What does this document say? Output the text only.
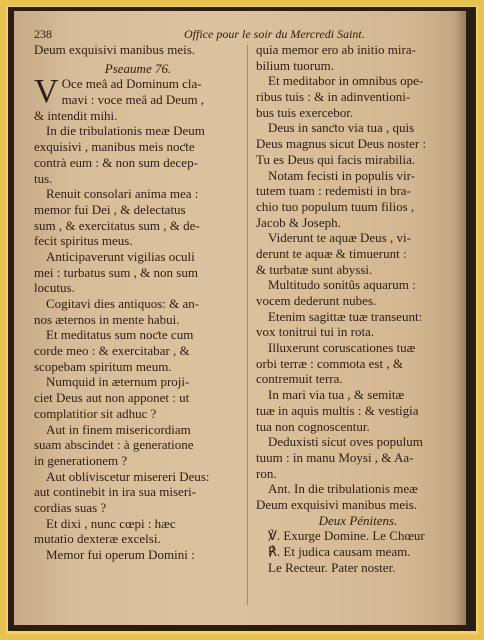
238	Office pour le soir du Mercredi Saint.
Deum exquisivi manibus meis.
Pseaume 76.
V Oce meâ ad Dominum cla-
mavi : voce meâ ad Deum ,
& intendit mihi.
In die tribulationis meæ Deum
exquisivi , manibus meis noƈte
contrà eum : & non sum decep-
tus.
Renuit consolari anima mea :
memor fui Dei , & delectatus
sum , & exercitatus sum , & de-
fecit spiritus meus.
Anticipaverunt vigilias oculi
mei : turbatus sum , & non sum
locutus.
Cogitavi dies antiquos: & an-
nos æternos in mente habui.
Et meditatus sum noƈte cum
corde meo : & exercitabar , &
scopebam spiritum meum.
Numquid in æternum proji-
ciet Deus aut non apponet : ut
complatitior sit adhuc ?
Aut in finem misericordiam
suam abscindet : à generatione
in generationem ?
Aut obliviscetur misereri Deus:
aut continebit in ira sua miseri-
cordias suas ?
Et dixi , nunc cœpi : hæc
mutatio dexteræ excelsi.
Memor fui operum Domini :
quia memor ero ab initio mira-
bilium tuorum.
Et meditabor in omnibus ope-
ribus tuis : & in adinventioni-
bus tuis exercebor.
Deus in sanƈto via tua , quis
Deus magnus sicut Deus noster :
Tu es Deus qui facis mirabilia.
Notam fecisti in populis vir-
tutem tuam : redemisti in bra-
chio tuo populum tuum filios ,
Jacob & Joseph.
Viderunt te aquæ Deus , vi-
derunt te aquæ & timuerunt :
& turbatæ sunt abyssi.
Multitudo sonitûs aquarum :
vocem dederunt nubes.
Etenim sagittæ tuæ transeunt:
vox tonitrui tui in rota.
Illuxerunt coruscationes tuæ
orbi terræ : commota est , &
contremuit terra.
In mari via tua , & semitæ
tuæ in aquis multis : & vestigia
tua non cognoscentur.
Deduxisti sicut oves populum
tuum : in manu Moysi , & Aa-
ron.
Ant. In die tribulationis meæ
Deum exquisivi manibus meis.
Deux Pénitens.
℣. Exurge Domine. Le Chœur
℟. Et judica causam meam.
Le Recteur. Pater noster.
